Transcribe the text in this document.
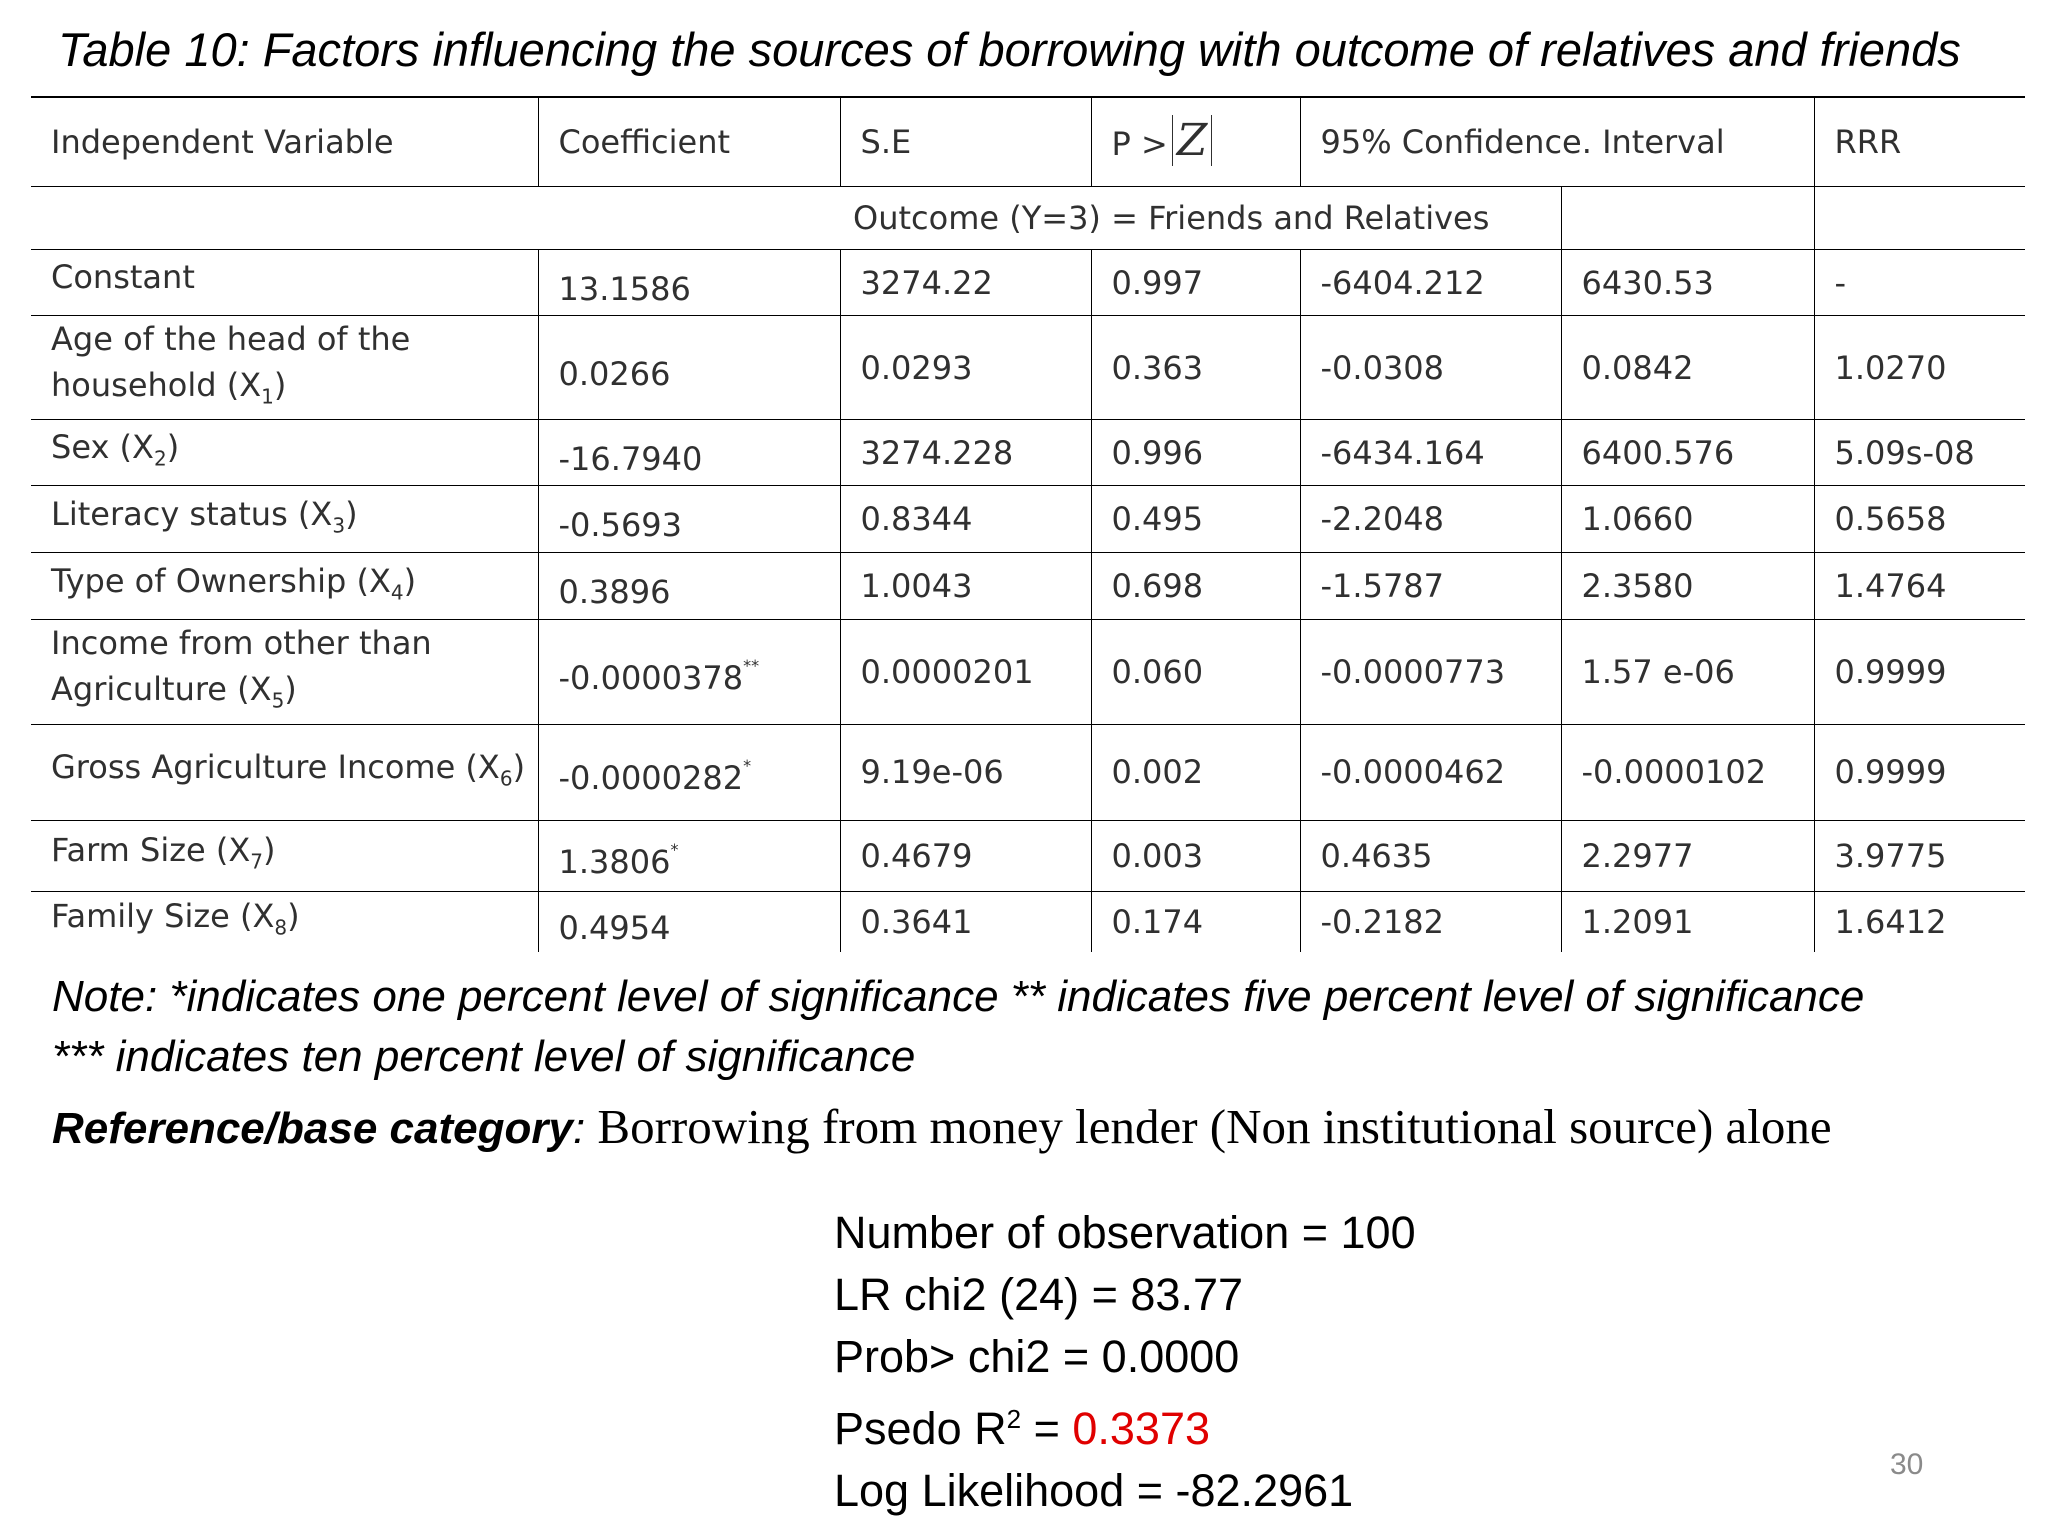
Table 10: Factors influencing the sources of borrowing with outcome of relatives and friends
Independent Variable	Coefficient	S.E	P > Z	95% Confidence. Interval		RRR
Outcome (Y=3) = Friends and Relatives						
Constant	13.1586	3274.22	0.997	-6404.212	6430.53	-
Age of the head of the household $(X_1)$	0.0266	0.0293	0.363	-0.0308	0.0842	1.0270
Sex $(X_2)$	-16.7940	3274.228	0.996	-6434.164	6400.576	5.09s-08
Literacy status $(X_3)$	-0.5693	0.8344	0.495	-2.2048	1.0660	0.5658
Type of Ownership $(X_4)$	0.3896	1.0043	0.698	-1.5787	2.3580	1.4764
Income from other than Agriculture $(X_5)$	-0.0000378**	0.0000201	0.060	-0.0000773	1.57 e-06	0.9999
Gross Agriculture Income $(X_6)$	-0.0000282*	9.19e-06	0.002	-0.0000462	-0.0000102	0.9999
Farm Size $(X_7)$	1.3806*	0.4679	0.003	0.4635	2.2977	3.9775
Family Size $(X_8)$	0.4954	0.3641	0.174	-0.2182	1.2091	1.6412
Note: *indicates one percent level of significance ** indicates five percent level of significance
*** indicates ten percent level of significance
Reference/base category: Borrowing from money lender (Non institutional source) alone
Number of observation = 100
LR chi2 (24) = 83.77
Prob> chi2 = 0.0000
Psedo $R^2 = 0.3373$
Log Likelihood = -82.2961
30
